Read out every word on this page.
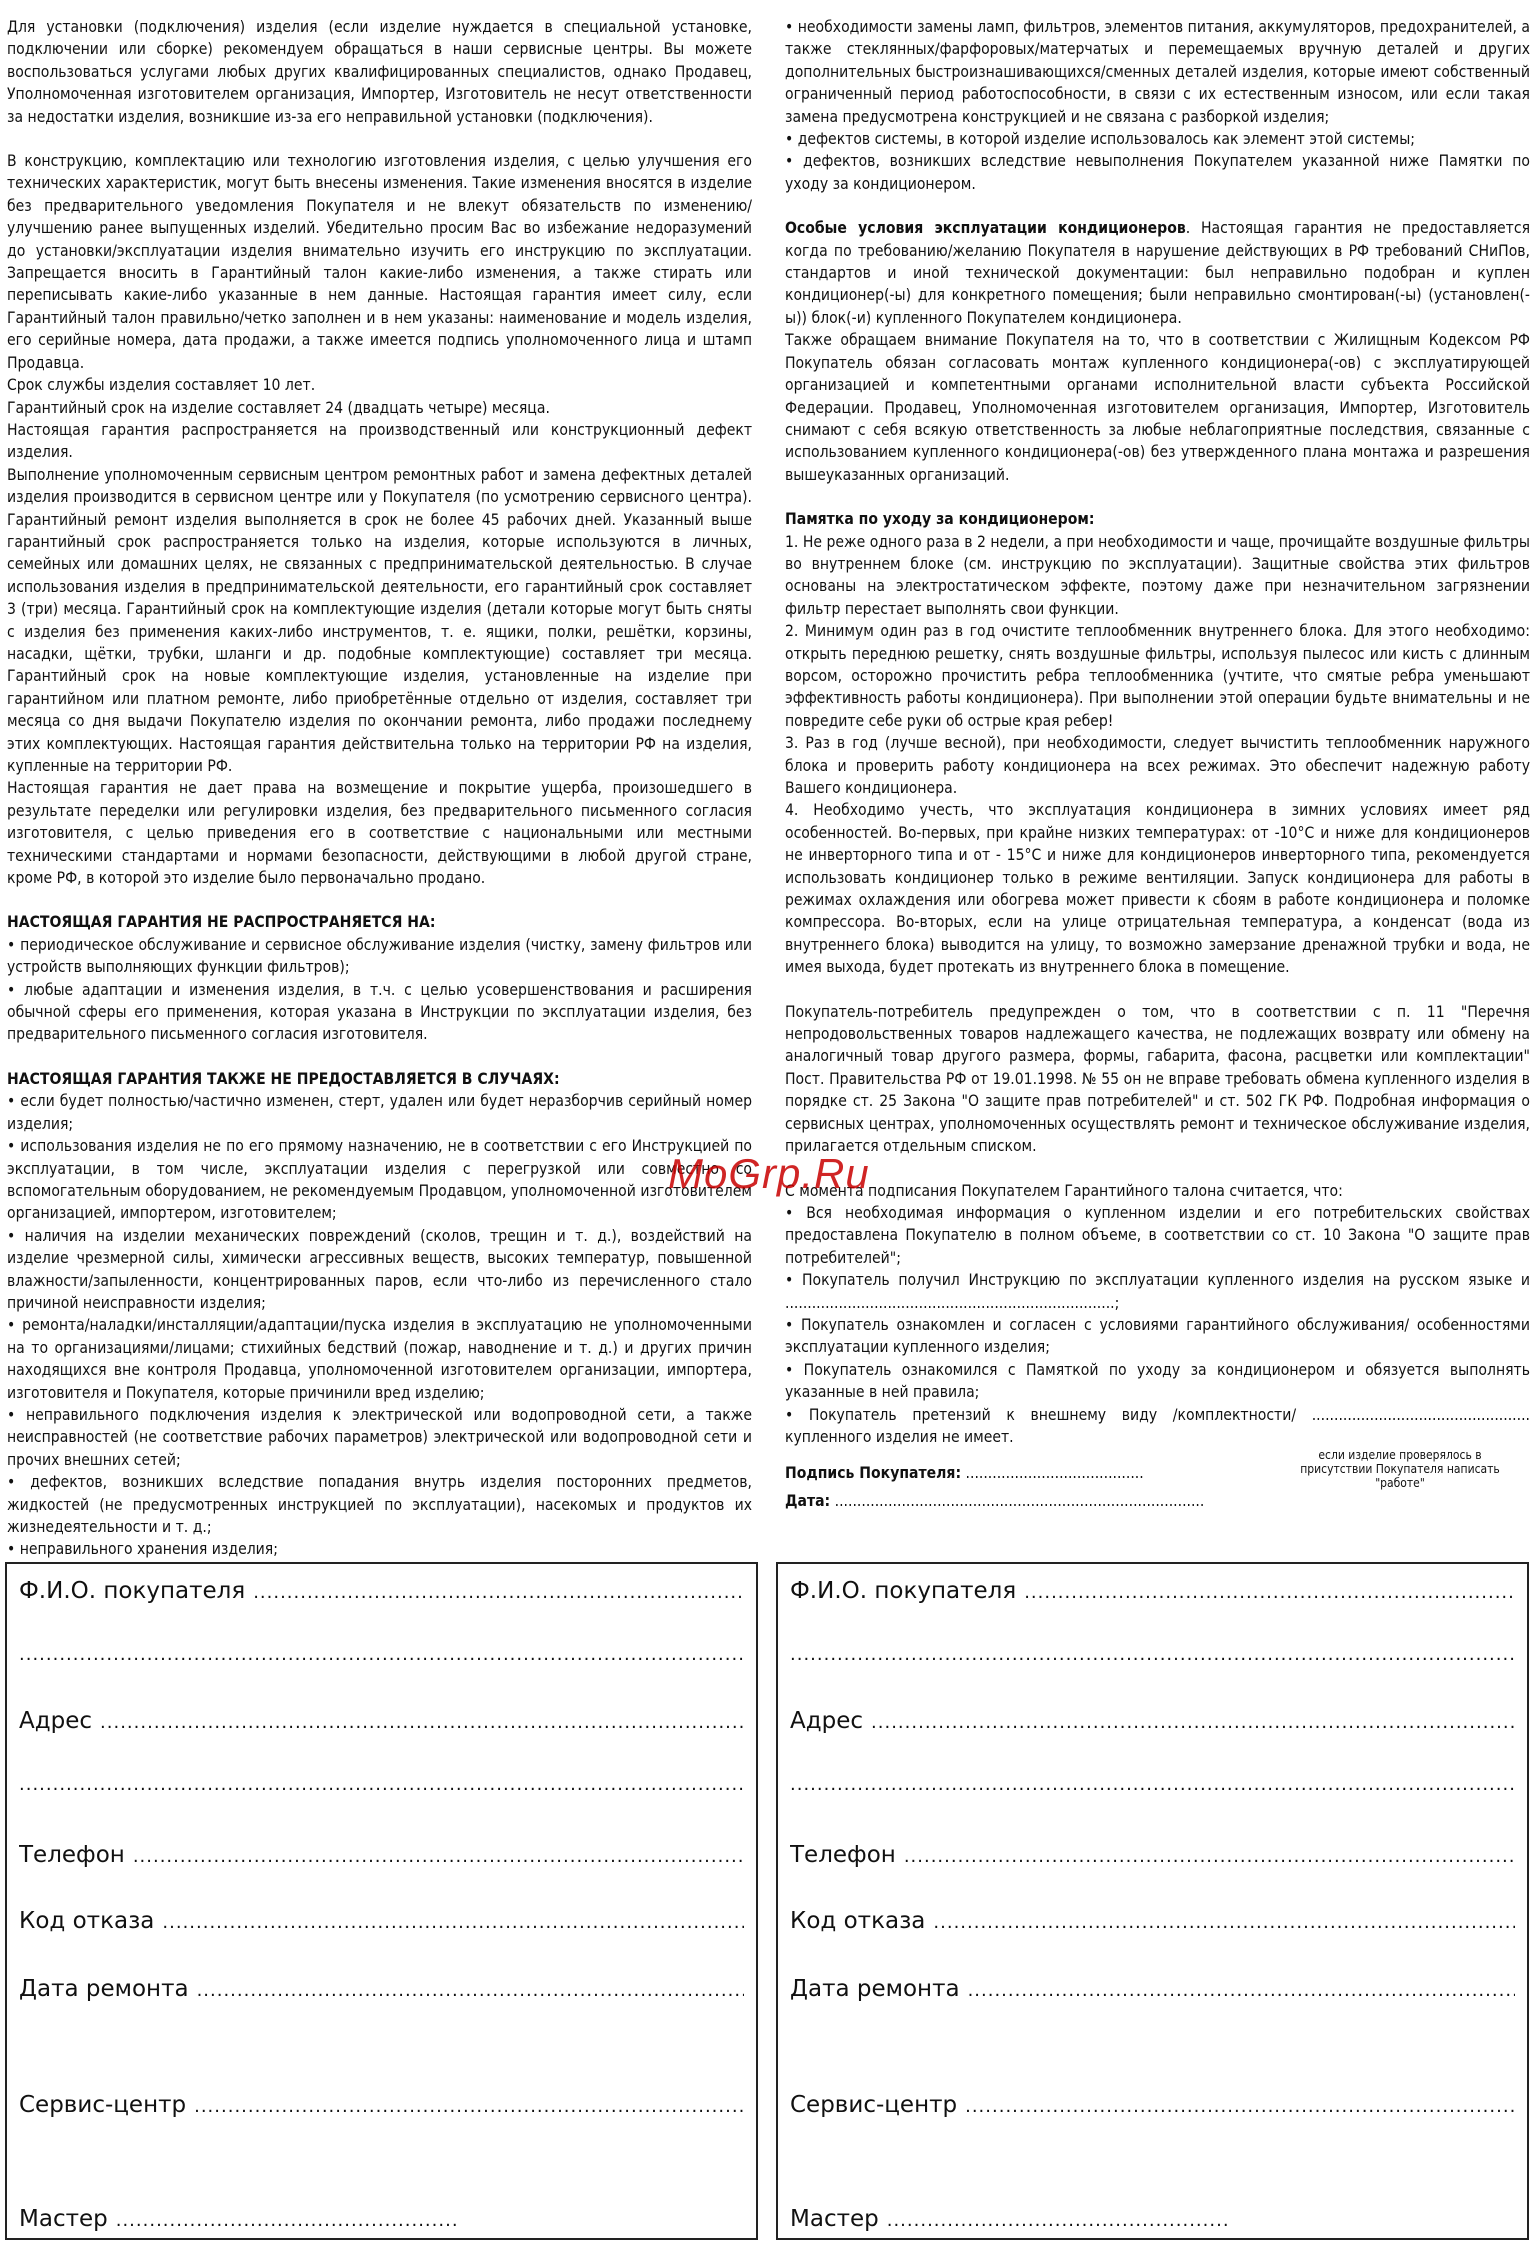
Для установки (подключения) изделия (если изделие нуждается в специальной установке, подключении или сборке) рекомендуем обращаться в наши сервисные центры. Вы можете воспользоваться услугами любых других квалифицированных специалистов, однако Продавец, Уполномоченная изготовителем организация, Импортер, Изготовитель не несут ответственности за недостатки изделия, возникшие из-за его неправильной установки (подключения).

В конструкцию, комплектацию или технологию изготовления изделия, с целью улучшения его технических характеристик, могут быть внесены изменения. Такие изменения вносятся в изделие без предварительного уведомления Покупателя и не влекут обязательств по изменению/улучшению ранее выпущенных изделий. Убедительно просим Вас во избежание недоразумений до установки/эксплуатации изделия внимательно изучить его инструкцию по эксплуатации. Запрещается вносить в Гарантийный талон какие-либо изменения, а также стирать или переписывать какие-либо указанные в нем данные. Настоящая гарантия имеет силу, если Гарантийный талон правильно/четко заполнен и в нем указаны: наименование и модель изделия, его серийные номера, дата продажи, а также имеется подпись уполномоченного лица и штамп Продавца.

Срок службы изделия составляет 10 лет.

Гарантийный срок на изделие составляет 24 (двадцать четыре) месяца.

Настоящая гарантия распространяется на производственный или конструкционный дефект изделия.

Выполнение уполномоченным сервисным центром ремонтных работ и замена дефектных деталей изделия производится в сервисном центре или у Покупателя (по усмотрению сервисного центра). Гарантийный ремонт изделия выполняется в срок не более 45 рабочих дней. Указанный выше гарантийный срок распространяется только на изделия, которые используются в личных, семейных или домашних целях, не связанных с предпринимательской деятельностью. В случае использования изделия в предпринимательской деятельности, его гарантийный срок составляет 3 (три) месяца. Гарантийный срок на комплектующие изделия (детали которые могут быть сняты с изделия без применения каких-либо инструментов, т. е. ящики, полки, решётки, корзины, насадки, щётки, трубки, шланги и др. подобные комплектующие) составляет три месяца. Гарантийный срок на новые комплектующие изделия, установленные на изделие при гарантийном или платном ремонте, либо приобретённые отдельно от изделия, составляет три месяца со дня выдачи Покупателю изделия по окончании ремонта, либо продажи последнему этих комплектующих. Настоящая гарантия действительна только на территории РФ на изделия, купленные на территории РФ.

Настоящая гарантия не дает права на возмещение и покрытие ущерба, произошедшего в результате переделки или регулировки изделия, без предварительного письменного согласия изготовителя, с целью приведения его в соответствие с национальными или местными техническими стандартами и нормами безопасности, действующими в любой другой стране, кроме РФ, в которой это изделие было первоначально продано.

НАСТОЯЩАЯ ГАРАНТИЯ НЕ РАСПРОСТРАНЯЕТСЯ НА:

• периодическое обслуживание и сервисное обслуживание изделия (чистку, замену фильтров или устройств выполняющих функции фильтров);

• любые адаптации и изменения изделия, в т.ч. с целью усовершенствования и расширения обычной сферы его применения, которая указана в Инструкции по эксплуатации изделия, без предварительного письменного согласия изготовителя.

НАСТОЯЩАЯ ГАРАНТИЯ ТАКЖЕ НЕ ПРЕДОСТАВЛЯЕТСЯ В СЛУЧАЯХ:

• если будет полностью/частично изменен, стерт, удален или будет неразборчив серийный номер изделия;

• использования изделия не по его прямому назначению, не в соответствии с его Инструкцией по эксплуатации, в том числе, эксплуатации изделия с перегрузкой или совместно со вспомогательным оборудованием, не рекомендуемым Продавцом, уполномоченной изготовителем организацией, импортером, изготовителем;

• наличия на изделии механических повреждений (сколов, трещин и т. д.), воздействий на изделие чрезмерной силы, химически агрессивных веществ, высоких температур, повышенной влажности/запыленности, концентрированных паров, если что-либо из перечисленного стало причиной неисправности изделия;

• ремонта/наладки/инсталляции/адаптации/пуска изделия в эксплуатацию не уполномоченными на то организациями/лицами; стихийных бедствий (пожар, наводнение и т. д.) и других причин находящихся вне контроля Продавца, уполномоченной изготовителем организации, импортера, изготовителя и Покупателя, которые причинили вред изделию;

• неправильного подключения изделия к электрической или водопроводной сети, а также неисправностей (не соответствие рабочих параметров) электрической или водопроводной сети и прочих внешних сетей;

• дефектов, возникших вследствие попадания внутрь изделия посторонних предметов, жидкостей (не предусмотренных инструкцией по эксплуатации), насекомых и продуктов их жизнедеятельности и т. д.;

• неправильного хранения изделия;

• необходимости замены ламп, фильтров, элементов питания, аккумуляторов, предохранителей, а также стеклянных/фарфоровых/матерчатых и перемещаемых вручную деталей и других дополнительных быстроизнашивающихся/сменных деталей изделия, которые имеют собственный ограниченный период работоспособности, в связи с их естественным износом, или если такая замена предусмотрена конструкцией и не связана с разборкой изделия;

• дефектов системы, в которой изделие использовалось как элемент этой системы;

• дефектов, возникших вследствие невыполнения Покупателем указанной ниже Памятки по уходу за кондиционером.

Особые условия эксплуатации кондиционеров. Настоящая гарантия не предоставляется когда по требованию/желанию Покупателя в нарушение действующих в РФ требований СНиПов, стандартов и иной технической документации: был неправильно подобран и куплен кондиционер(-ы) для конкретного помещения; были неправильно смонтирован(-ы) (установлен(-ы)) блок(-и) купленного Покупателем кондиционера.

Также обращаем внимание Покупателя на то, что в соответствии с Жилищным Кодексом РФ Покупатель обязан согласовать монтаж купленного кондиционера(-ов) с эксплуатирующей организацией и компетентными органами исполнительной власти субъекта Российской Федерации. Продавец, Уполномоченная изготовителем организация, Импортер, Изготовитель снимают с себя всякую ответственность за любые неблагоприятные последствия, связанные с использованием купленного кондиционера(-ов) без утвержденного плана монтажа и разрешения вышеуказанных организаций.

Памятка по уходу за кондиционером:

1. Не реже одного раза в 2 недели, а при необходимости и чаще, прочищайте воздушные фильтры во внутреннем блоке (см. инструкцию по эксплуатации). Защитные свойства этих фильтров основаны на электростатическом эффекте, поэтому даже при незначительном загрязнении фильтр перестает выполнять свои функции.

2. Минимум один раз в год очистите теплообменник внутреннего блока. Для этого необходимо: открыть переднюю решетку, снять воздушные фильтры, используя пылесос или кисть с длинным ворсом, осторожно прочистить ребра теплообменника (учтите, что смятые ребра уменьшают эффективность работы кондиционера). При выполнении этой операции будьте внимательны и не повредите себе руки об острые края ребер!

3. Раз в год (лучше весной), при необходимости, следует вычистить теплообменник наружного блока и проверить работу кондиционера на всех режимах. Это обеспечит надежную работу Вашего кондиционера.

4. Необходимо учесть, что эксплуатация кондиционера в зимних условиях имеет ряд особенностей. Во-первых, при крайне низких температурах: от -10°С и ниже для кондиционеров не инверторного типа и от - 15°С и ниже для кондиционеров инверторного типа, рекомендуется использовать кондиционер только в режиме вентиляции. Запуск кондиционера для работы в режимах охлаждения или обогрева может привести к сбоям в работе кондиционера и поломке компрессора. Во-вторых, если на улице отрицательная температура, а конденсат (вода из внутреннего блока) выводится на улицу, то возможно замерзание дренажной трубки и вода, не имея выхода, будет протекать из внутреннего блока в помещение.

Покупатель-потребитель предупрежден о том, что в соответствии с п. 11 "Перечня непродовольственных товаров надлежащего качества, не подлежащих возврату или обмену на аналогичный товар другого размера, формы, габарита, фасона, расцветки или комплектации" Пост. Правительства РФ от 19.01.1998. № 55 он не вправе требовать обмена купленного изделия в порядке ст. 25 Закона "О защите прав потребителей" и ст. 502 ГК РФ. Подробная информация о сервисных центрах, уполномоченных осуществлять ремонт и техническое обслуживание изделия, прилагается отдельным списком.

С момента подписания Покупателем Гарантийного талона считается, что:

• Вся необходимая информация о купленном изделии и его потребительских свойствах предоставлена Покупателю в полном объеме, в соответствии со ст. 10 Закона "О защите прав потребителей";

• Покупатель получил Инструкцию по эксплуатации купленного изделия на русском языке и ..........................................................................;

• Покупатель ознакомлен и согласен с условиями гарантийного обслуживания/ особенностями эксплуатации купленного изделия;

• Покупатель ознакомился с Памяткой по уходу за кондиционером и обязуется выполнять указанные в ней правила;

• Покупатель претензий к внешнему виду /комплектности/ ................................................. купленного изделия не имеет.

Подпись Покупателя: ........................................

если изделие проверялось в присутствии Покупателя написать "работе"

Дата: ...................................................................................

MoGrp.Ru
Ф.И.О. покупателя
.....
.....
Адрес
.....
.....
Телефон
.....
Код отказа
.....
Дата ремонта
.....
Сервис-центр
.....
Мастер
.....
Ф.И.О. покупателя
.....
.....
Адрес
.....
.....
Телефон
.....
Код отказа
.....
Дата ремонта
.....
Сервис-центр
.....
Мастер
.....
